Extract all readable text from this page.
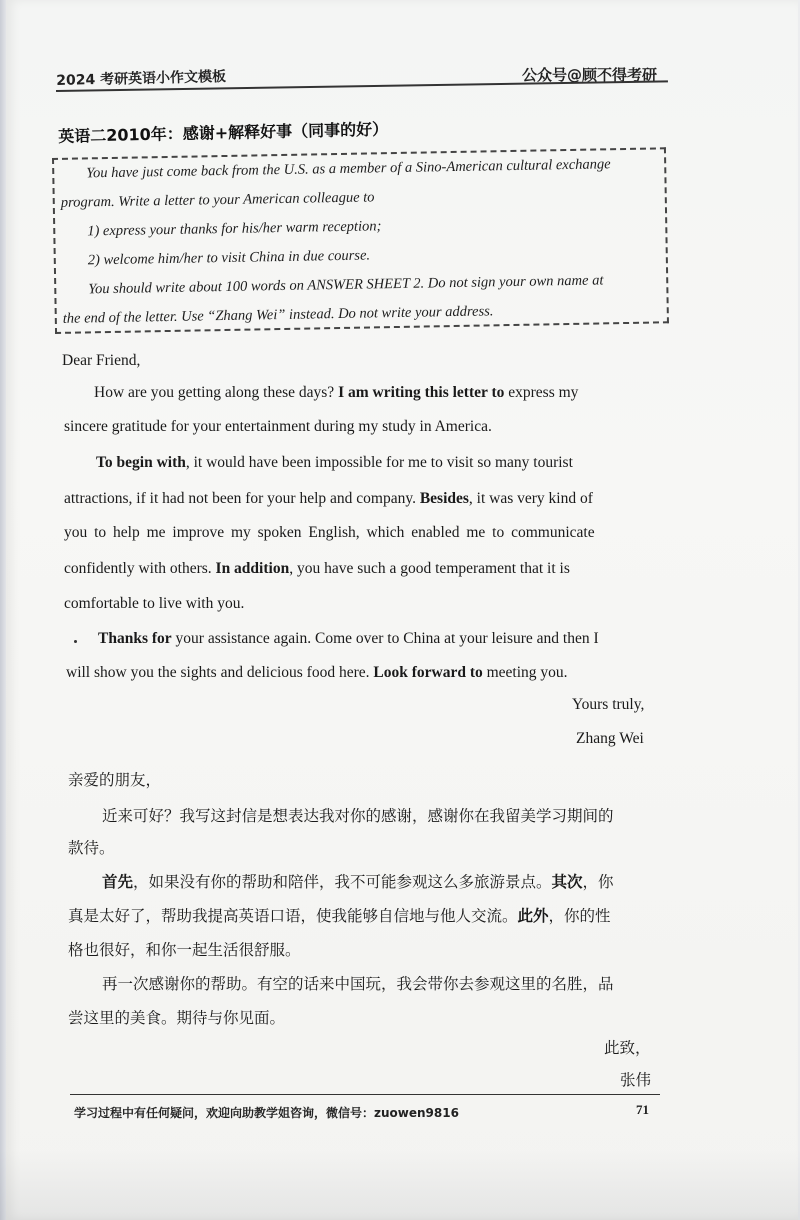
2024 考研英语小作文模板	公众号@顾不得考研
英语二2010年：感谢+解释好事（同事的好）
You have just come back from the U.S. as a member of a Sino-American cultural exchange
program. Write a letter to your American colleague to
1) express your thanks for his/her warm reception;
2) welcome him/her to visit China in due course.
You should write about 100 words on ANSWER SHEET 2. Do not sign your own name at
the end of the letter. Use “Zhang Wei” instead. Do not write your address.
Dear Friend,
How are you getting along these days? I am writing this letter to express my
sincere gratitude for your entertainment during my study in America.
To begin with, it would have been impossible for me to visit so many tourist
attractions, if it had not been for your help and company. Besides, it was very kind of
you to help me improve my spoken English, which enabled me to communicate
confidently with others. In addition, you have such a good temperament that it is
comfortable to live with you.
Thanks for your assistance again. Come over to China at your leisure and then I
will show you the sights and delicious food here. Look forward to meeting you.
Yours truly,
Zhang Wei
亲爱的朋友，
近来可好？我写这封信是想表达我对你的感谢，感谢你在我留美学习期间的
款待。
首先，如果没有你的帮助和陪伴，我不可能参观这么多旅游景点。其次，你
真是太好了，帮助我提高英语口语，使我能够自信地与他人交流。此外，你的性
格也很好，和你一起生活很舒服。
再一次感谢你的帮助。有空的话来中国玩，我会带你去参观这里的名胜，品
尝这里的美食。期待与你见面。
此致，
张伟
学习过程中有任何疑问，欢迎向助教学姐咨询，微信号：zuowen9816	71
